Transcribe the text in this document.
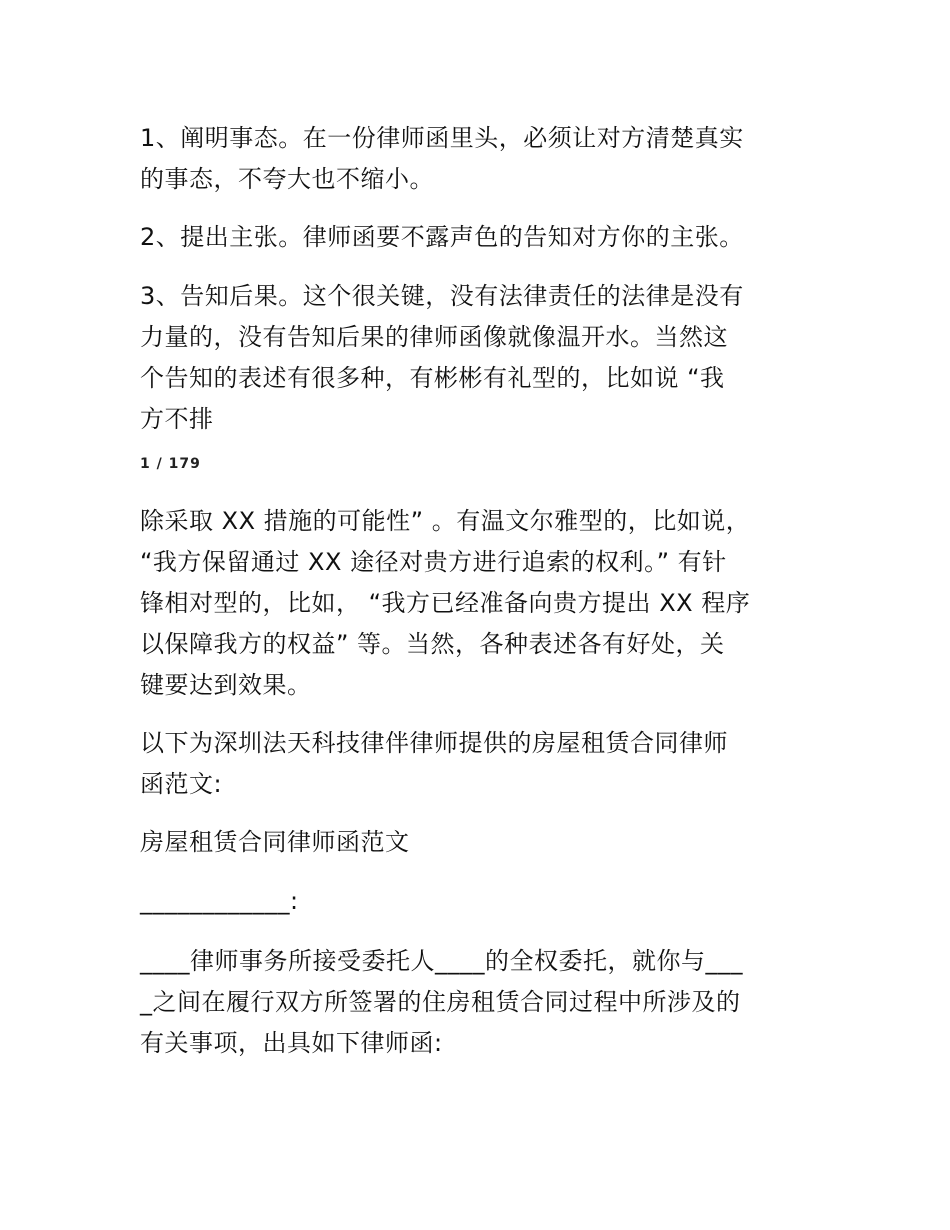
1、阐明事态。在一份律师函里头，必须让对方清楚真实
的事态，不夸大也不缩小。
2、提出主张。律师函要不露声色的告知对方你的主张。
3、告知后果。这个很关键，没有法律责任的法律是没有
力量的，没有告知后果的律师函像就像温开水。当然这
个告知的表述有很多种，有彬彬有礼型的，比如说 “我
方不排
1 / 179
除采取 XX 措施的可能性” 。有温文尔雅型的，比如说，
“我方保留通过 XX 途径对贵方进行追索的权利。” 有针
锋相对型的，比如， “我方已经准备向贵方提出 XX 程序
以保障我方的权益” 等。当然，各种表述各有好处，关
键要达到效果。
以下为深圳法天科技律伴律师提供的房屋租赁合同律师
函范文:
房屋租赁合同律师函范文
____________:
____律师事务所接受委托人____的全权委托，就你与___
_之间在履行双方所签署的住房租赁合同过程中所涉及的
有关事项，出具如下律师函:
